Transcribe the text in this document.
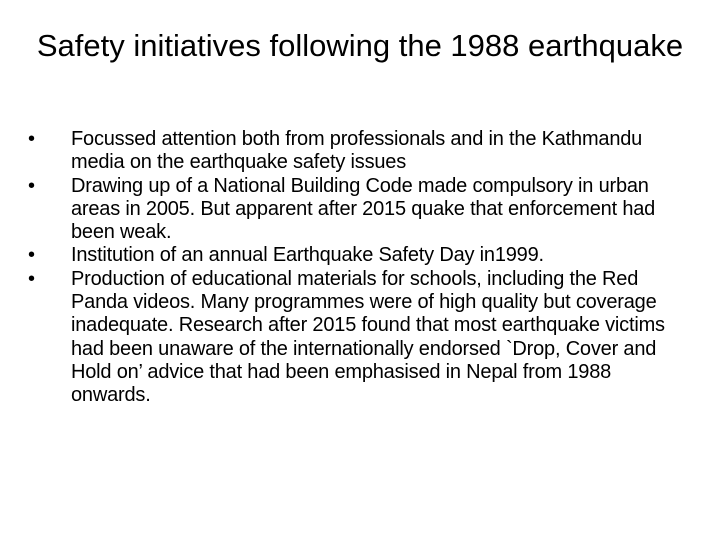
Safety initiatives following the 1988 earthquake
•	Focussed attention both from professionals and in the Kathmandu media on the earthquake safety issues
•	Drawing up of a National Building Code made compulsory in urban areas in 2005. But apparent after 2015 quake that enforcement had been weak.
•	Institution of an annual Earthquake Safety Day in1999.
•	Production of educational materials for schools, including the Red Panda videos. Many programmes were of high quality but coverage inadequate. Research after 2015 found that most earthquake victims had been unaware of the internationally endorsed `Drop, Cover and Hold on’ advice that had been emphasised in Nepal from 1988 onwards.
